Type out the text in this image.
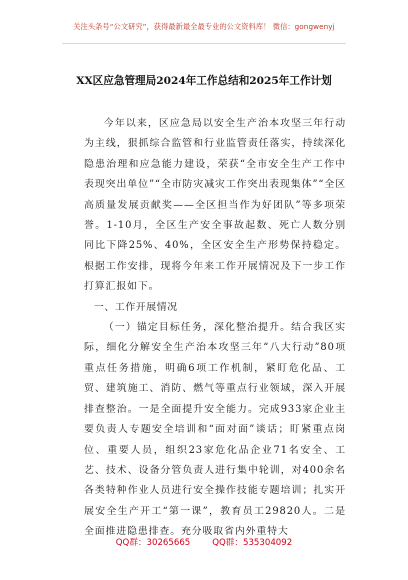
关注头条号“公文研究”，获得最新最全最专业的公文资料库！ 微信：gongwenyj
XX区应急管理局2024年工作总结和2025年工作计划

今年以来，区应急局以安全生产治本攻坚三年行动为主线，狠抓综合监管和行业监管责任落实，持续深化隐患治理和应急能力建设，荣获“全市安全生产工作中表现突出单位”“全市防灾减灾工作突出表现集体”“全区高质量发展贡献奖——全区担当作为好团队”等多项荣誉。1-10月，全区生产安全事故起数、死亡人数分别同比下降25%、40%，全区安全生产形势保持稳定。根据工作安排，现将今年来工作开展情况及下一步工作打算汇报如下。

一、工作开展情况

（一）锚定目标任务，深化整治提升。结合我区实际，细化分解安全生产治本攻坚三年“八大行动”80项重点任务措施，明确6项工作机制，紧盯危化品、工贸、建筑施工、消防、燃气等重点行业领域，深入开展排查整治。一是全面提升安全能力。完成933家企业主要负责人专题安全培训和“面对面”谈话；盯紧重点岗位、重要人员，组织23家危化品企业71名安全、工艺、技术、设备分管负责人进行集中轮训，对400余名各类特种作业人员进行安全操作技能专题培训；扎实开展安全生产开工“第一课”，教育员工29820人。二是全面推进隐患排查。充分吸取省内外重特大

QQ群：30265665	QQ群：535304092
